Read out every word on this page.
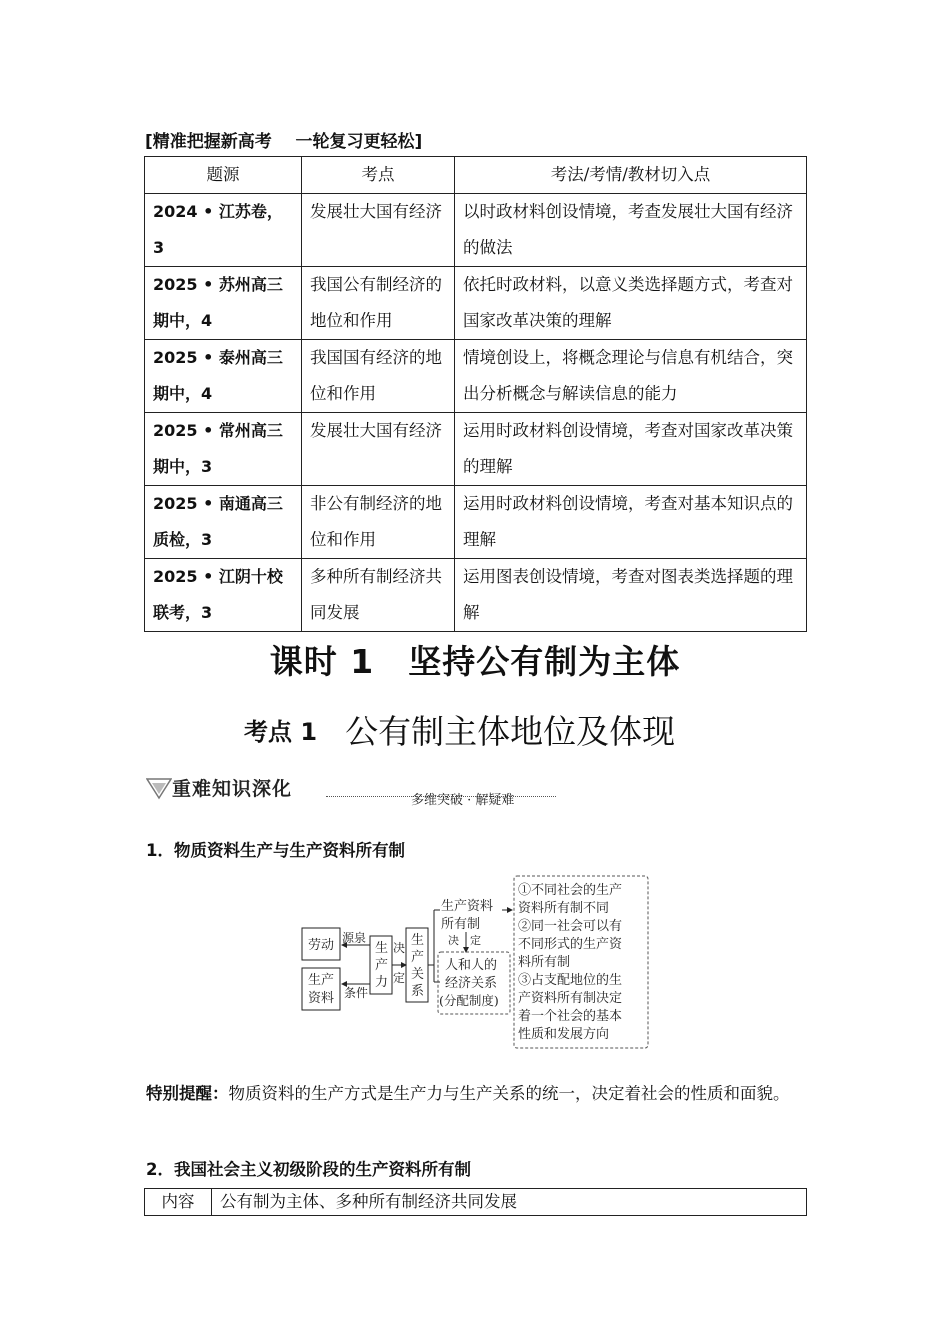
[精准把握新高考    一轮复习更轻松]
题源	考点	考法/考情/教材切入点
2024 • 江苏卷，3	发展壮大国有经济	以时政材料创设情境，考查发展壮大国有经济的做法
2025 • 苏州高三期中，4	我国公有制经济的地位和作用	依托时政材料，以意义类选择题方式，考查对国家改革决策的理解
2025 • 泰州高三期中，4	我国国有经济的地位和作用	情境创设上，将概念理论与信息有机结合，突出分析概念与解读信息的能力
2025 • 常州高三期中，3	发展壮大国有经济	运用时政材料创设情境，考查对国家改革决策的理解
2025 • 南通高三质检，3	非公有制经济的地位和作用	运用时政材料创设情境，考查对基本知识点的理解
2025 • 江阴十校联考，3	多种所有制经济共同发展	运用图表创设情境，考查对图表类选择题的理解
课时 1　坚持公有制为主体
考点 1 公有制主体地位及体现
重难知识深化
多维突破 · 解疑难
1．物质资料生产与生产资料所有制
劳动
生产
资料
源泉
条件
生
产
力
决
定
生
产
关
系
生产资料
所有制
决　定
人和人的
经济关系
(分配制度)
①不同社会的生产
资料所有制不同
②同一社会可以有
不同形式的生产资
料所有制
③占支配地位的生
产资料所有制决定
着一个社会的基本
性质和发展方向
特别提醒：物质资料的生产方式是生产力与生产关系的统一，决定着社会的性质和面貌。
2．我国社会主义初级阶段的生产资料所有制
内容	公有制为主体、多种所有制经济共同发展
